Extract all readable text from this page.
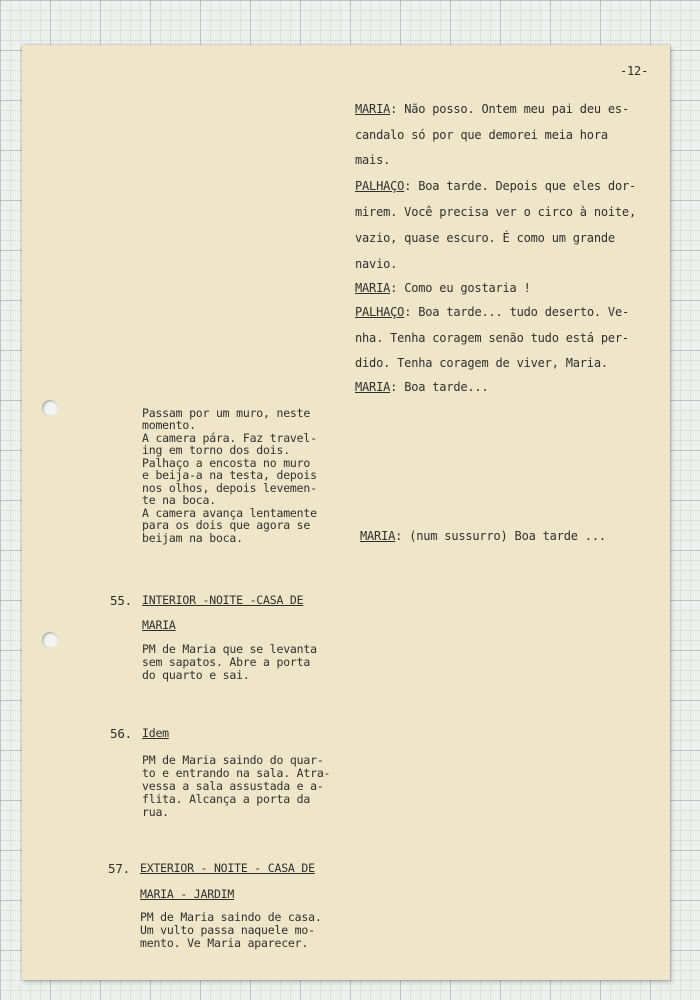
-12-
MARIA: Não posso. Ontem meu pai deu es-
candalo só por que demorei meia hora
mais.
PALHAÇO: Boa tarde. Depois que eles dor-
mirem. Você precisa ver o circo à noite,
vazio, quase escuro. É como um grande
navio.
MARIA: Como eu gostaria !
PALHAÇO: Boa tarde... tudo deserto. Ve-
nha. Tenha coragem senão tudo está per-
dido. Tenha coragem de viver, Maria.
MARIA: Boa tarde...
MARIA: (num sussurro) Boa tarde ...
Passam por um muro, neste
momento.
A camera pára. Faz travel-
ing em torno dos dois.
Palhaço a encosta no muro
e beija-a na testa, depois
nos olhos, depois levemen-
te na boca.
A camera avança lentamente
para os dois que agora se
beijam na boca.
55. INTERIOR -NOITE -CASA DE
MARIA
PM de Maria que se levanta
sem sapatos. Abre a porta
do quarto e sai.
56. Idem
PM de Maria saindo do quar-
to e entrando na sala. Atra-
vessa a sala assustada e a-
flita. Alcança a porta da
rua.
57. EXTERIOR - NOITE - CASA DE
MARIA - JARDIM
PM de Maria saindo de casa.
Um vulto passa naquele mo-
mento. Ve Maria aparecer.
